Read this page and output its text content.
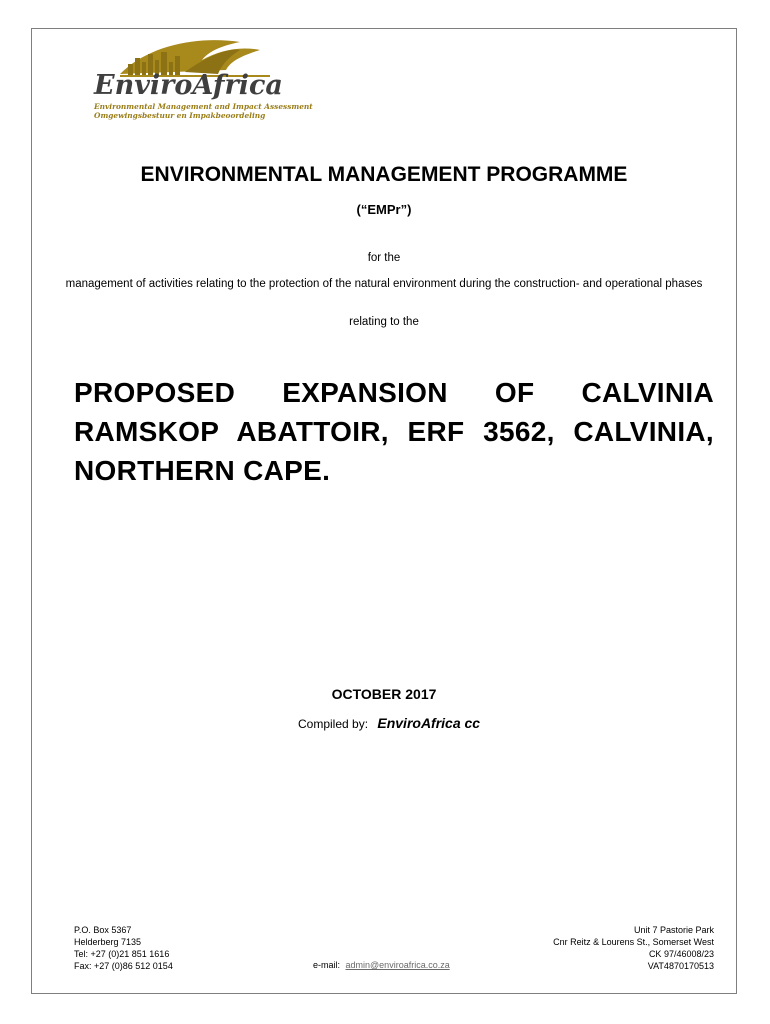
EnviroAfrica
Environmental Management and Impact Assessment
Omgewingsbestuur en Impakbeoordeling
ENVIRONMENTAL MANAGEMENT PROGRAMME
(“EMPr”)
for the
management of activities relating to the protection of the natural environment during the construction- and operational phases
relating to the
PROPOSED EXPANSION OF CALVINIA RAMSKOP ABATTOIR, ERF 3562, CALVINIA, NORTHERN CAPE.
OCTOBER 2017
Compiled by: EnviroAfrica cc
P.O. Box 5367
Helderberg 7135
Tel: +27 (0)21 851 1616
Fax: +27 (0)86 512 0154	e-mail: admin@enviroafrica.co.za
Unit 7 Pastorie Park
Cnr Reitz & Lourens St., Somerset West
CK 97/46008/23
VAT4870170513
